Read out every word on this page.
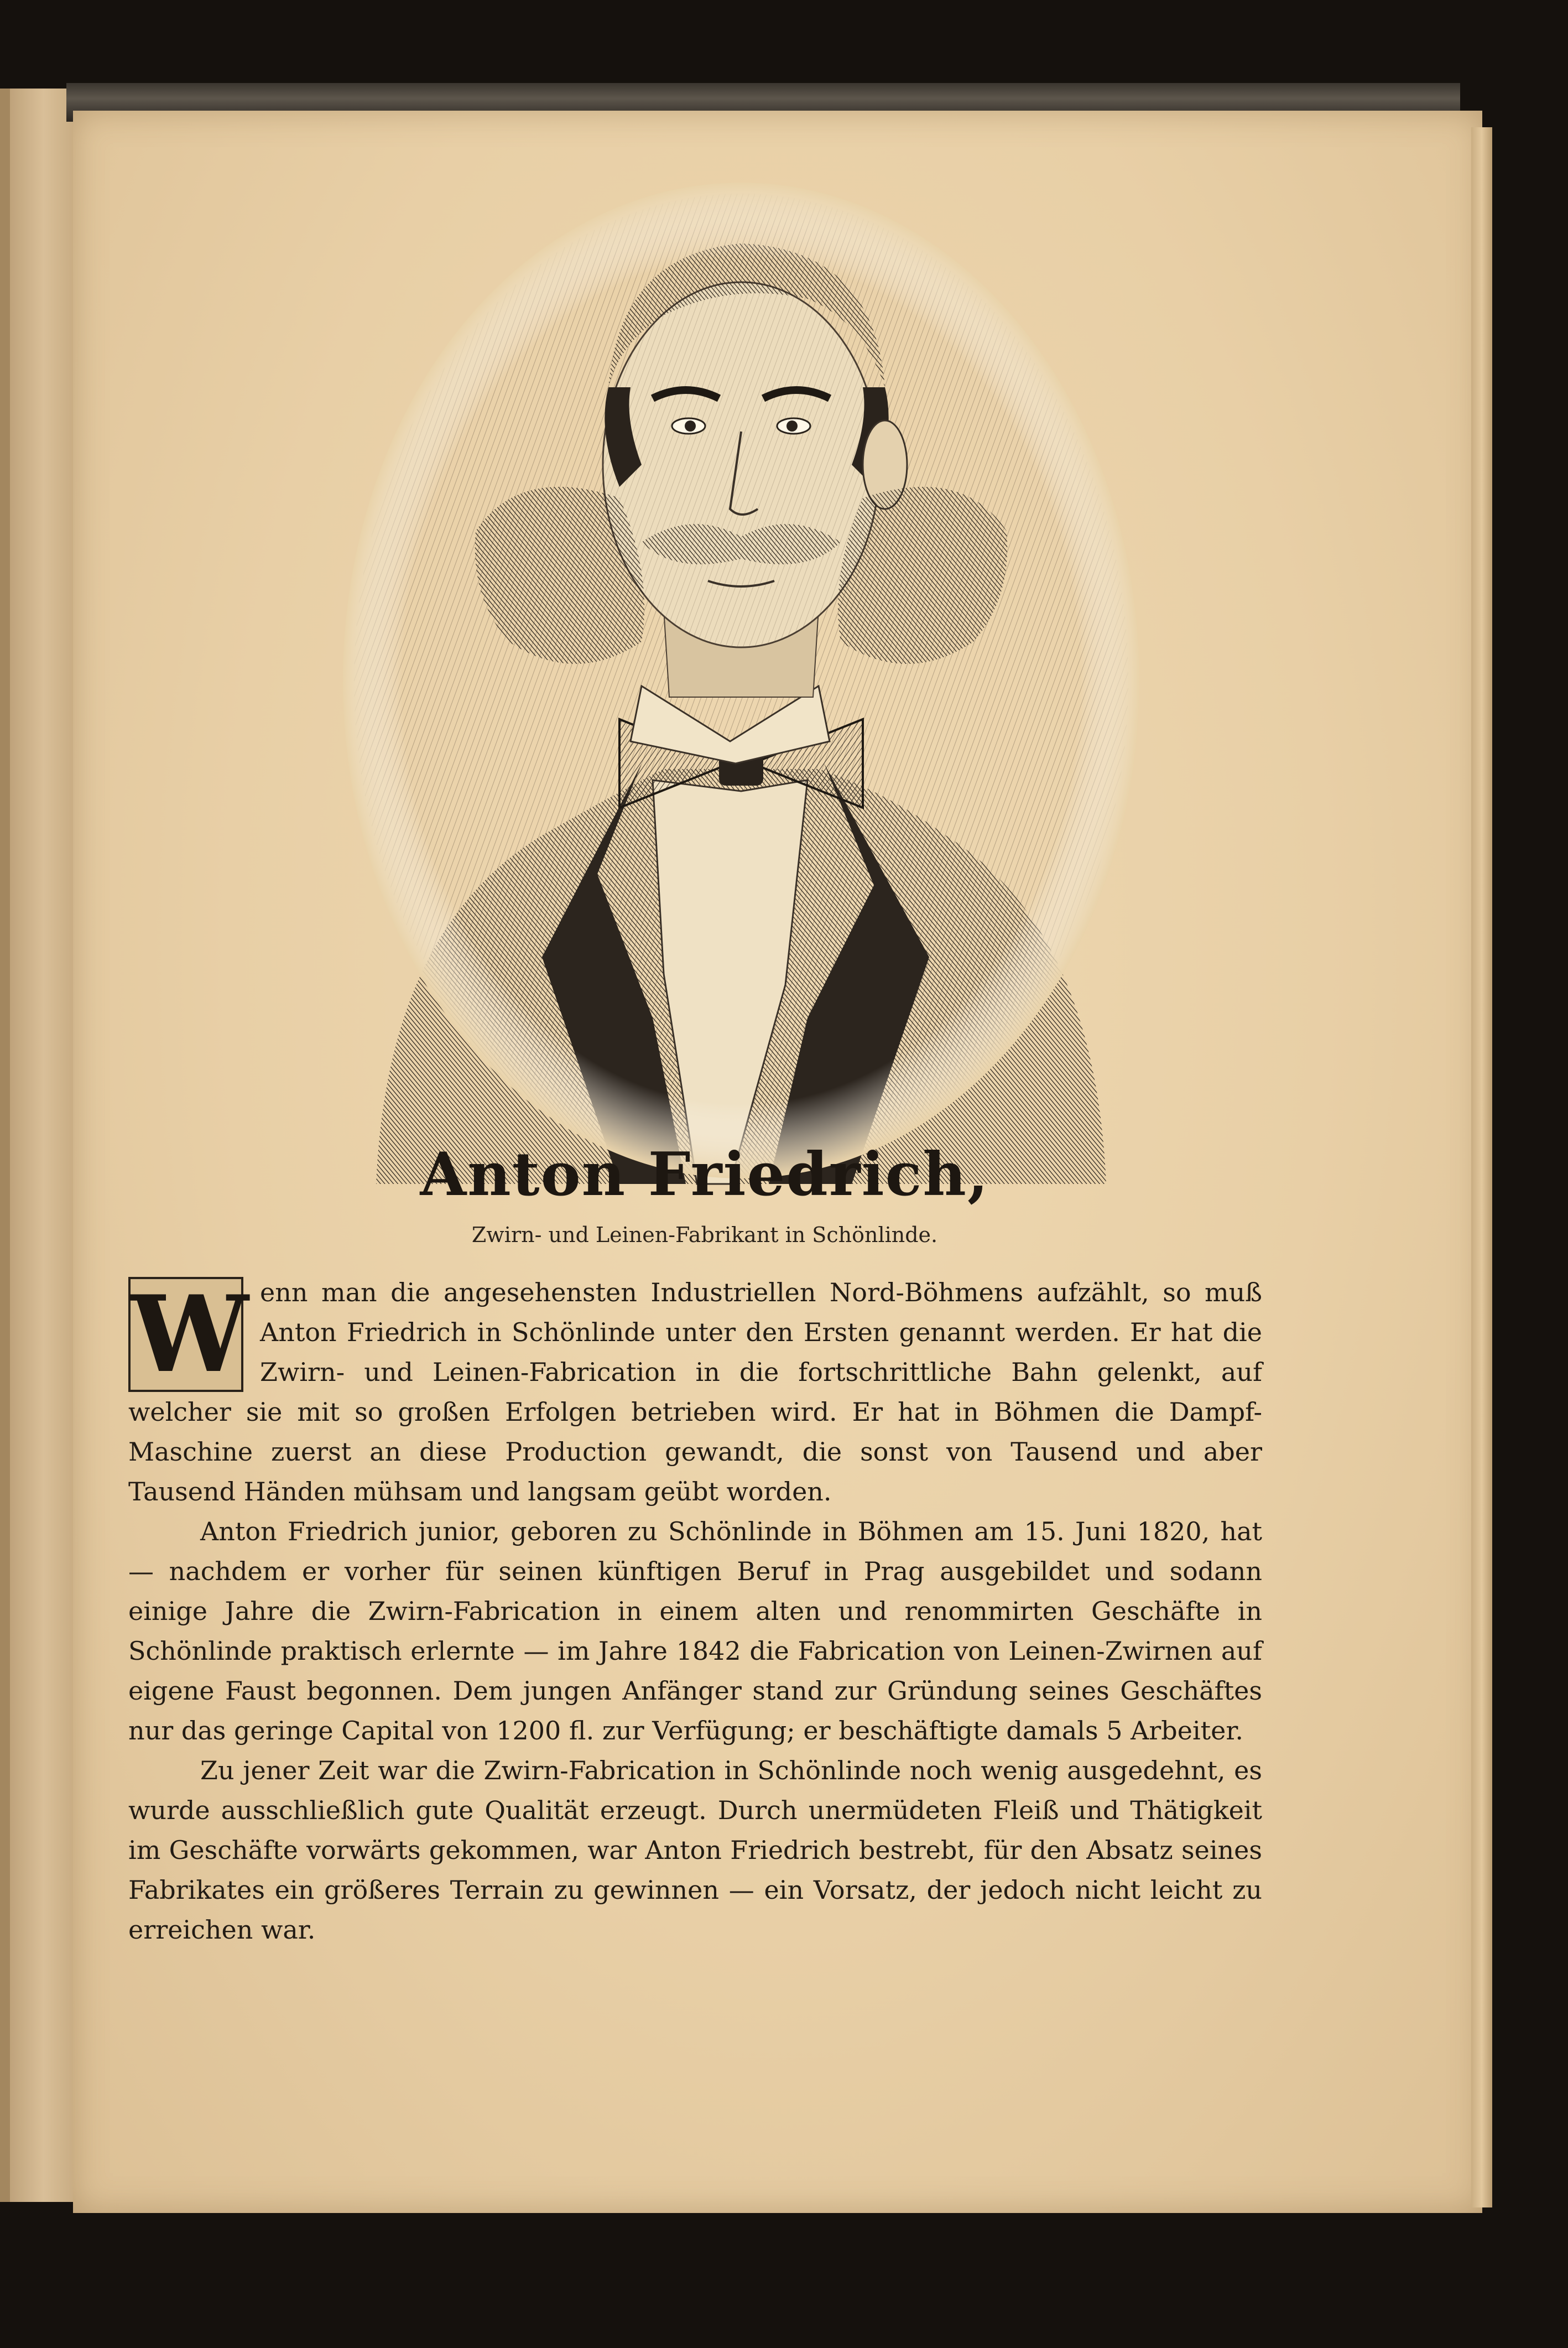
Anton Friedrich,
Zwirn- und Leinen-Fabrikant in Schönlinde.
W enn man die angesehensten Industriellen Nord-Böhmens aufzählt, so muß Anton Friedrich in Schönlinde unter den Ersten genannt werden. Er hat die Zwirn- und Leinen-Fabrication in die fortschrittliche Bahn gelenkt, auf welcher sie mit so großen Erfolgen betrieben wird. Er hat in Böhmen die Dampf-Maschine zuerst an diese Production gewandt, die sonst von Tausend und aber Tausend Händen mühsam und langsam geübt worden.

Anton Friedrich junior, geboren zu Schönlinde in Böhmen am 15. Juni 1820, hat — nachdem er vorher für seinen künftigen Beruf in Prag ausgebildet und sodann einige Jahre die Zwirn-Fabrication in einem alten und renommirten Geschäfte in Schönlinde praktisch erlernte — im Jahre 1842 die Fabrication von Leinen-Zwirnen auf eigene Faust begonnen. Dem jungen Anfänger stand zur Gründung seines Geschäftes nur das geringe Capital von 1200 fl. zur Verfügung; er beschäftigte damals 5 Arbeiter.

Zu jener Zeit war die Zwirn-Fabrication in Schönlinde noch wenig ausgedehnt, es wurde ausschließlich gute Qualität erzeugt. Durch unermüdeten Fleiß und Thätigkeit im Geschäfte vorwärts gekommen, war Anton Friedrich bestrebt, für den Absatz seines Fabrikates ein größeres Terrain zu gewinnen — ein Vorsatz, der jedoch nicht leicht zu erreichen war.
